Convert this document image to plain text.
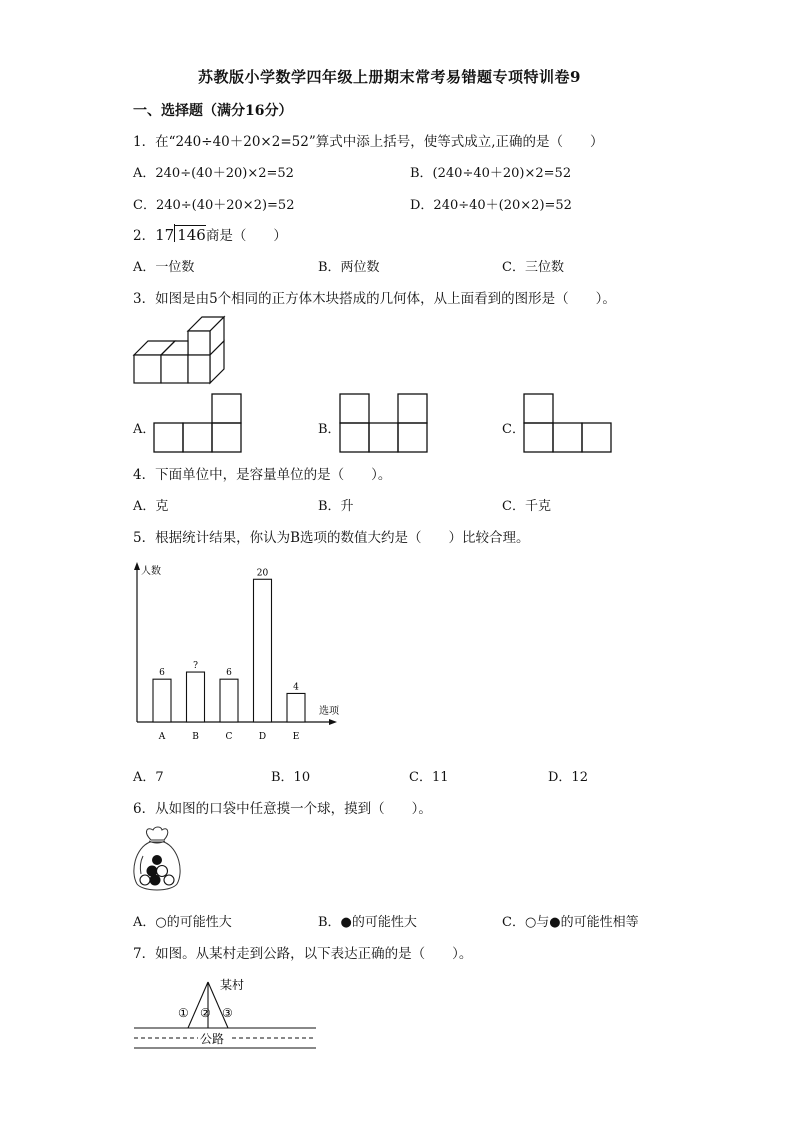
苏教版小学数学四年级上册期末常考易错题专项特训卷9
一、选择题（满分16分）
1．在“240÷40＋20×2=52”算式中添上括号，使等式成立,正确的是（　　）
A．240÷(40＋20)×2=52	B．(240÷40＋20)×2=52
C．240÷(40＋20×2)=52	D．240÷40＋(20×2)=52
2．17 146商是（　　）
A．一位数	B．两位数	C．三位数
3．如图是由5个相同的正方体木块搭成的几何体，从上面看到的图形是（　　）。
A．	B．	C．
4．下面单位中，是容量单位的是（　　）。
A．克	B．升	C．千克
5．根据统计结果，你认为B选项的数值大约是（　　）比较合理。
人数
选项
6
A
?
B
6
C
20
D
4
E
A．7	B．10	C．11	D．12
6．从如图的口袋中任意摸一个球，摸到（　　）。
A．○的可能性大	B．●的可能性大	C．○与●的可能性相等
7．如图。从某村走到公路，以下表达正确的是（　　）。
某村
① ② ③
公路
